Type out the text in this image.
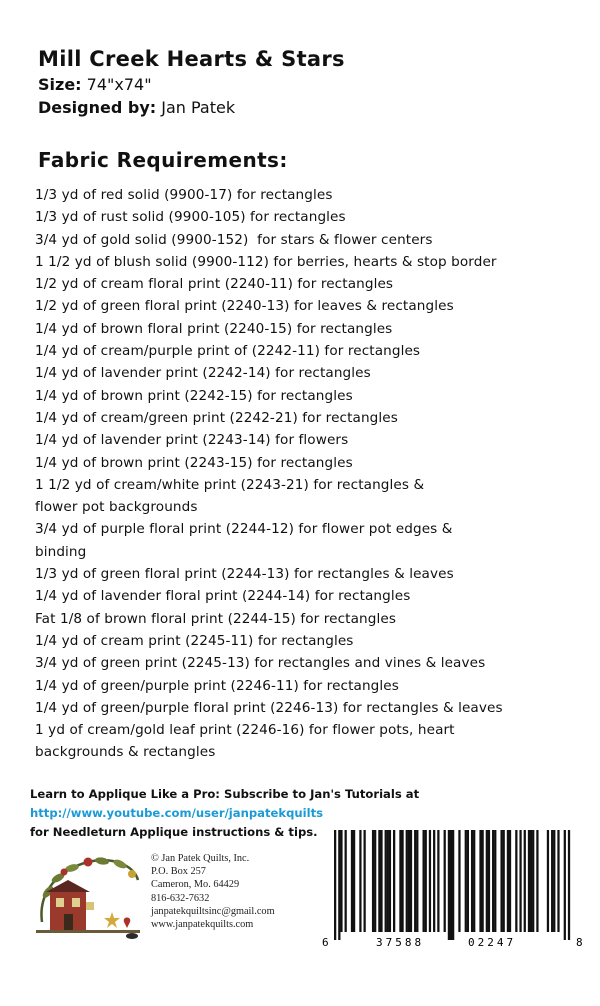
Mill Creek Hearts & Stars

Size: 74"x74"

Designed by: Jan Patek

Fabric Requirements:

1/3 yd of red solid (9900-17) for rectangles
1/3 yd of rust solid (9900-105) for rectangles
3/4 yd of gold solid (9900-152)  for stars & flower centers
1 1/2 yd of blush solid (9900-112) for berries, hearts & stop border
1/2 yd of cream floral print (2240-11) for rectangles
1/2 yd of green floral print (2240-13) for leaves & rectangles
1/4 yd of brown floral print (2240-15) for rectangles
1/4 yd of cream/purple print of (2242-11) for rectangles
1/4 yd of lavender print (2242-14) for rectangles
1/4 yd of brown print (2242-15) for rectangles
1/4 yd of cream/green print (2242-21) for rectangles
1/4 yd of lavender print (2243-14) for flowers
1/4 yd of brown print (2243-15) for rectangles
1 1/2 yd of cream/white print (2243-21) for rectangles &
flower pot backgrounds
3/4 yd of purple floral print (2244-12) for flower pot edges &
binding
1/3 yd of green floral print (2244-13) for rectangles & leaves
1/4 yd of lavender floral print (2244-14) for rectangles
Fat 1/8 of brown floral print (2244-15) for rectangles
1/4 yd of cream print (2245-11) for rectangles
3/4 yd of green print (2245-13) for rectangles and vines & leaves
1/4 yd of green/purple print (2246-11) for rectangles
1/4 yd of green/purple floral print (2246-13) for rectangles & leaves
1 yd of cream/gold leaf print (2246-16) for flower pots, heart
backgrounds & rectangles
Learn to Applique Like a Pro: Subscribe to Jan's Tutorials at
http://www.youtube.com/user/janpatekquilts
for Needleturn Applique instructions & tips.
© Jan Patek Quilts, Inc.
P.O. Box 257
Cameron, Mo. 64429
816-632-7632
janpatekquiltsinc@gmail.com
www.janpatekquilts.com
6	37588	02247	8
